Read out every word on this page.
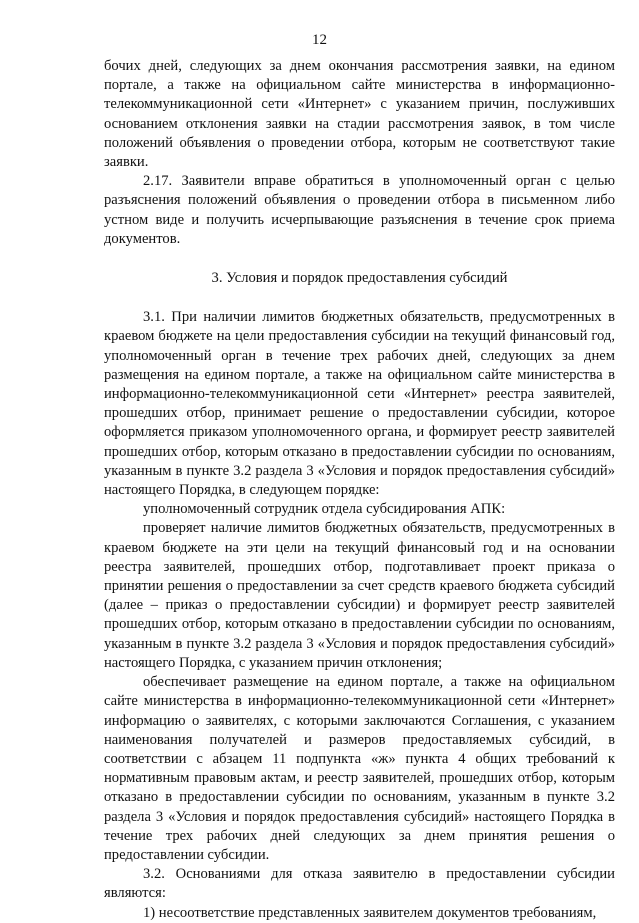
12

бочих дней, следующих за днем окончания рассмотрения заявки, на едином портале, а также на официальном сайте министерства в информационно-телекоммуникационной сети «Интернет» с указанием причин, послуживших основанием отклонения заявки на стадии рассмотрения заявок, в том числе положений объявления о проведении отбора, которым не соответствуют такие заявки.

2.17. Заявители вправе обратиться в уполномоченный орган с целью разъяснения положений объявления о проведении отбора в письменном либо устном виде и получить исчерпывающие разъяснения в течение срок приема документов.

3. Условия и порядок предоставления субсидий

3.1. При наличии лимитов бюджетных обязательств, предусмотренных в краевом бюджете на цели предоставления субсидии на текущий финансовый год, уполномоченный орган в течение трех рабочих дней, следующих за днем размещения на едином портале, а также на официальном сайте министерства в информационно-телекоммуникационной сети «Интернет» реестра заявителей, прошедших отбор, принимает решение о предоставлении субсидии, которое оформляется приказом уполномоченного органа, и формирует реестр заявителей прошедших отбор, которым отказано в предоставлении субсидии по основаниям, указанным в пункте 3.2 раздела 3 «Условия и порядок предоставления субсидий» настоящего Порядка, в следующем порядке:

уполномоченный сотрудник отдела субсидирования АПК:

проверяет наличие лимитов бюджетных обязательств, предусмотренных в краевом бюджете на эти цели на текущий финансовый год и на основании реестра заявителей, прошедших отбор, подготавливает проект приказа о принятии решения о предоставлении за счет средств краевого бюджета субсидий (далее – приказ о предоставлении субсидии) и формирует реестр заявителей прошедших отбор, которым отказано в предоставлении субсидии по основаниям, указанным в пункте 3.2 раздела 3 «Условия и порядок предоставления субсидий» настоящего Порядка, с указанием причин отклонения;

обеспечивает размещение на едином портале, а также на официальном сайте министерства в информационно-телекоммуникационной сети «Интернет» информацию о заявителях, с которыми заключаются Соглашения, с указанием наименования получателей и размеров предоставляемых субсидий, в соответствии с абзацем 11 подпункта «ж» пункта 4 общих требований к нормативным правовым актам, и реестр заявителей, прошедших отбор, которым отказано в предоставлении субсидии по основаниям, указанным в пункте 3.2 раздела 3 «Условия и порядок предоставления субсидий» настоящего Порядка в течение трех рабочих дней следующих за днем принятия решения о предоставлении субсидии.

3.2. Основаниями для отказа заявителю в предоставлении субсидии являются:

1) несоответствие представленных заявителем документов требованиям,
